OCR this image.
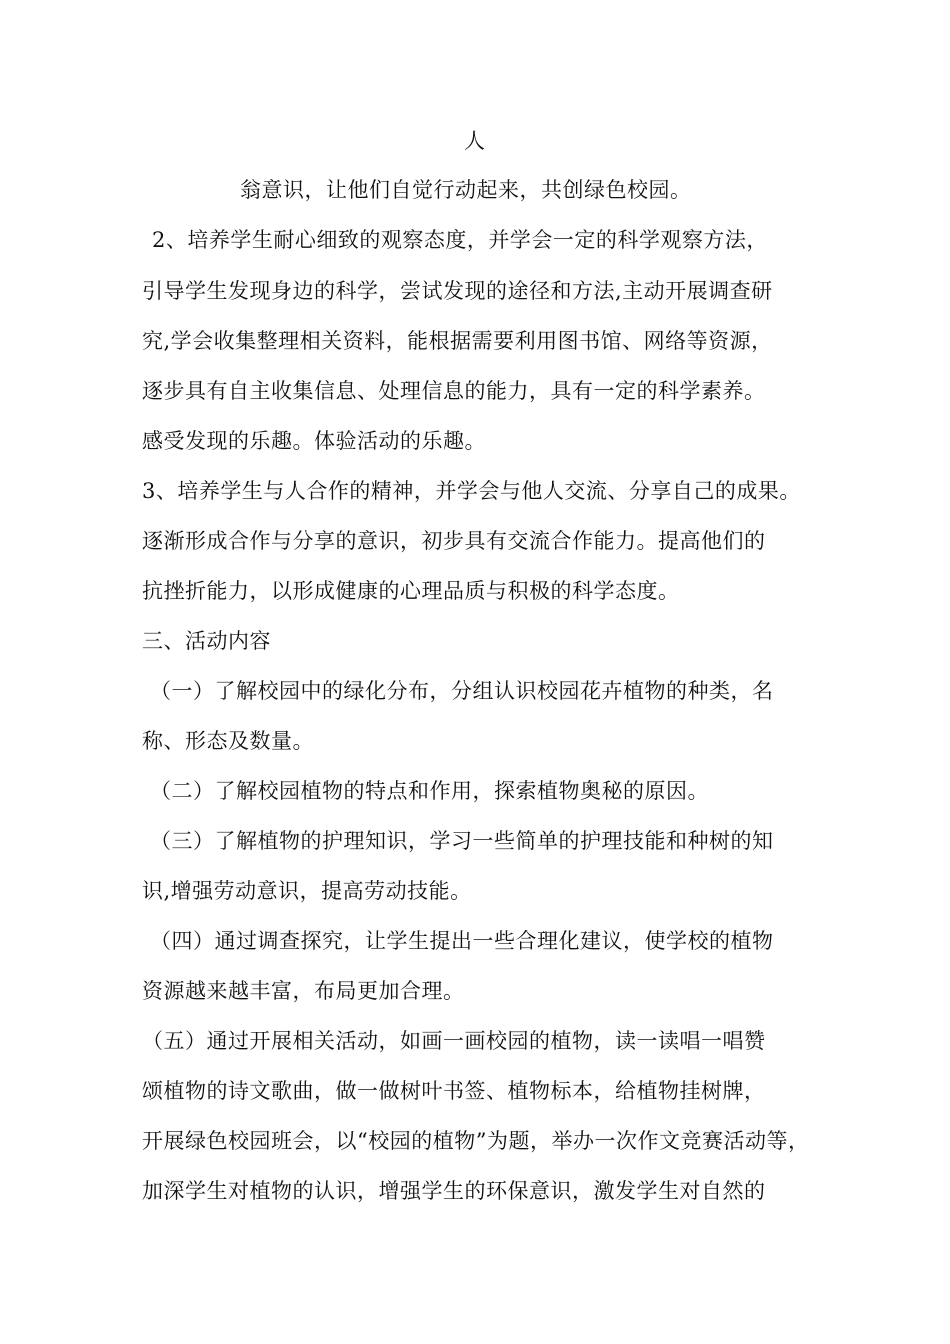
人
翁意识，让他们自觉行动起来，共创绿色校园。
2、培养学生耐心细致的观察态度，并学会一定的科学观察方法，
引导学生发现身边的科学，尝试发现的途径和方法,主动开展调查研
究,学会收集整理相关资料，能根据需要利用图书馆、网络等资源，
逐步具有自主收集信息、处理信息的能力，具有一定的科学素养。
感受发现的乐趣。体验活动的乐趣。
3、培养学生与人合作的精神，并学会与他人交流、分享自己的成果。
逐渐形成合作与分享的意识，初步具有交流合作能力。提高他们的
抗挫折能力，以形成健康的心理品质与积极的科学态度。
三、活动内容
（一）了解校园中的绿化分布，分组认识校园花卉植物的种类，名
称、形态及数量。
（二）了解校园植物的特点和作用，探索植物奥秘的原因。
（三）了解植物的护理知识，学习一些简单的护理技能和种树的知
识,增强劳动意识，提高劳动技能。
（四）通过调查探究，让学生提出一些合理化建议，使学校的植物
资源越来越丰富，布局更加合理。
（五）通过开展相关活动，如画一画校园的植物，读一读唱一唱赞
颂植物的诗文歌曲，做一做树叶书签、植物标本，给植物挂树牌，
开展绿色校园班会，以“校园的植物”为题，举办一次作文竞赛活动等，
加深学生对植物的认识，增强学生的环保意识，激发学生对自然的
